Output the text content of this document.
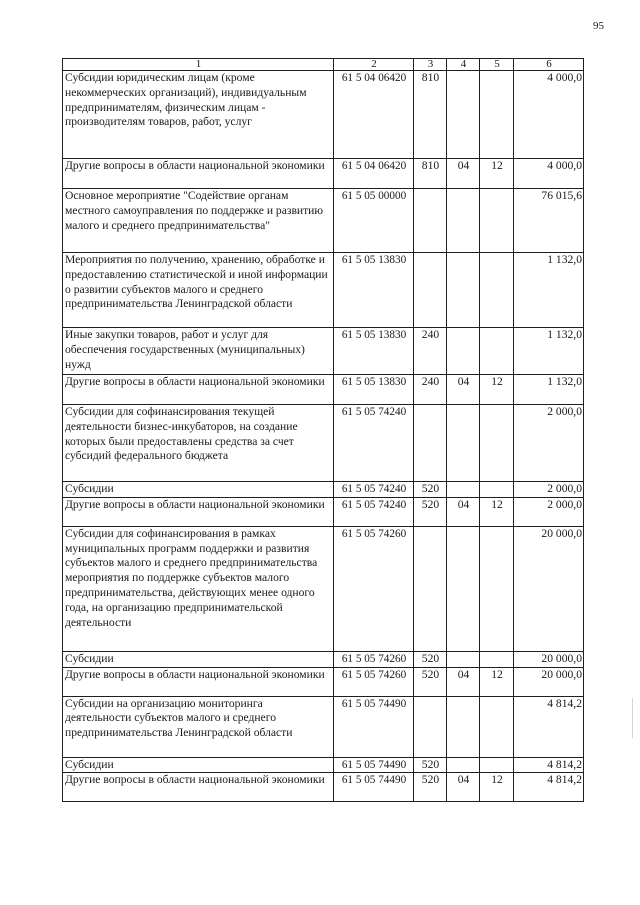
95
1	2	3	4	5	6
Субсидии юридическим лицам (кроме некоммерческих организаций), индивидуальным предпринимателям, физическим лицам - производителям товаров, работ, услуг	61 5 04 06420	810			4 000,0
Другие вопросы в области национальной экономики	61 5 04 06420	810	04	12	4 000,0
Основное мероприятие "Содействие органам местного самоуправления по поддержке и развитию малого и среднего предпринимательства"	61 5 05 00000				76 015,6
Мероприятия по получению, хранению, обработке и предоставлению статистической и иной информации о развитии субъектов малого и среднего предпринимательства Ленинградской области	61 5 05 13830				1 132,0
Иные закупки товаров, работ и услуг для обеспечения государственных (муниципальных) нужд	61 5 05 13830	240			1 132,0
Другие вопросы в области национальной экономики	61 5 05 13830	240	04	12	1 132,0
Субсидии для софинансирования текущей деятельности бизнес-инкубаторов, на создание которых были предоставлены средства за счет субсидий федерального бюджета	61 5 05 74240				2 000,0
Субсидии	61 5 05 74240	520			2 000,0
Другие вопросы в области национальной экономики	61 5 05 74240	520	04	12	2 000,0
Субсидии для софинансирования в рамках муниципальных программ поддержки и развития субъектов малого и среднего предпринимательства мероприятия по поддержке субъектов малого предпринимательства, действующих менее одного года, на организацию предпринимательской деятельности	61 5 05 74260				20 000,0
Субсидии	61 5 05 74260	520			20 000,0
Другие вопросы в области национальной экономики	61 5 05 74260	520	04	12	20 000,0
Субсидии на организацию мониторинга деятельности субъектов малого и среднего предпринимательства Ленинградской области	61 5 05 74490				4 814,2
Субсидии	61 5 05 74490	520			4 814,2
Другие вопросы в области национальной экономики	61 5 05 74490	520	04	12	4 814,2
